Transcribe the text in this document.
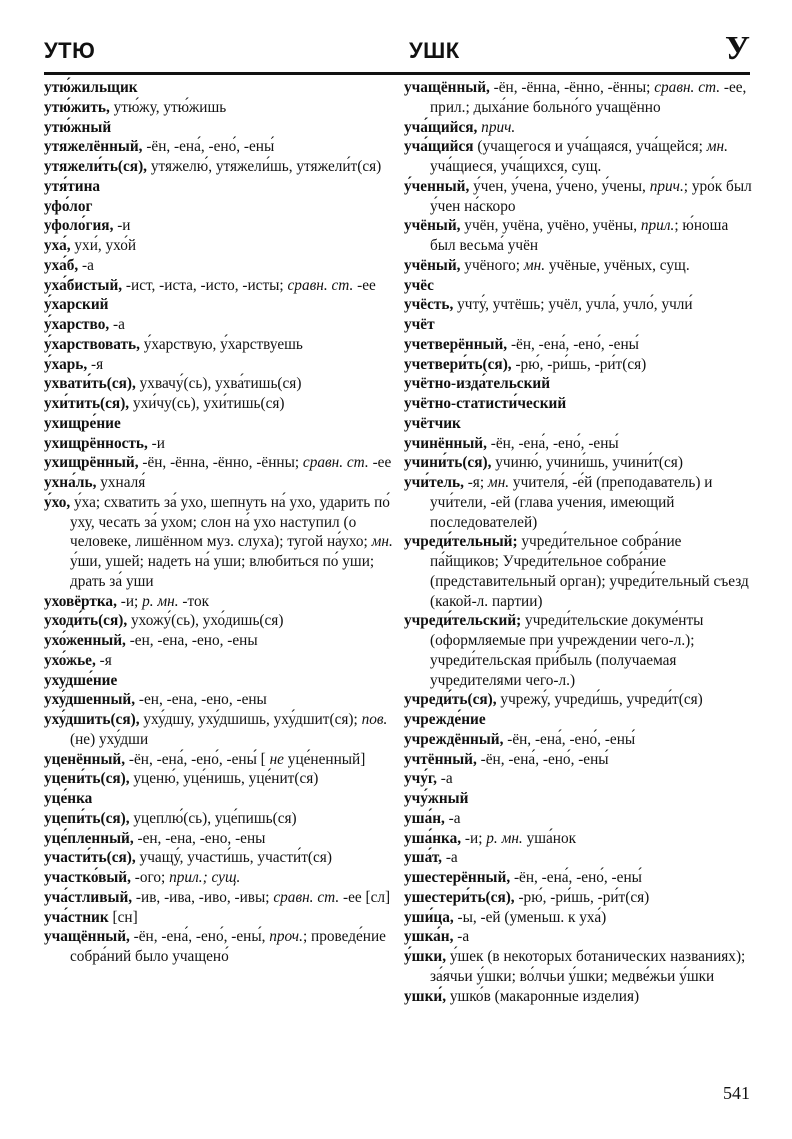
УТЮ	УШК	У

утю́жильщик

утю́жить, утю́жу, утю́жишь

утю́жный

утяжелённый, -ён, -ена́, -ено́, -ены́

утяжели́ть(ся), утяжелю́, утяжели́шь, утяжели́т(ся)

утя́тина

уфо́лог

уфоло́гия, -и

уха́, ухи́, ухо́й

уха́б, -а

уха́бистый, -ист, -иста, -исто, -исты; сравн. ст. -ее

у́харский

у́харство, -а

у́харствовать, у́харствую, у́харствуешь

у́харь, -я

ухвати́ть(ся), ухвачу́(сь), ухва́тишь(ся)

ухи́тить(ся), ухи́чу(сь), ухи́тишь(ся)

ухищре́ние

ухищрённость, -и

ухищрённый, -ён, -ённа, -ённо, -ённы; сравн. ст. -ее

ухна́ль, ухналя́

у́хо, у́ха; схватить за́ ухо, шепнуть на́ ухо, ударить по́ уху, чесать за́ ухом; слон на́ ухо наступил (о человеке, лишённом муз. слуха); тугой на́ухо; мн. у́ши, ушей; надеть на́ уши; влюбиться по́ уши; драть за́ уши

уховёртка, -и; р. мн. -ток

уходи́ть(ся), ухожу́(сь), ухо́дишь(ся)

ухо́женный, -ен, -ена, -ено, -ены

ухо́жье, -я

ухудше́ние

уху́дшенный, -ен, -ена, -ено, -ены

уху́дшить(ся), уху́дшу, уху́дшишь, уху́дшит(ся); пов. (не) уху́дши

уценённый, -ён, -ена́, -ено́, -ены́ [ не уце́ненный]

уцени́ть(ся), уценю́, уце́нишь, уце́нит(ся)

уце́нка

уцепи́ть(ся), уцеплю́(сь), уце́пишь(ся)

уце́пленный, -ен, -ена, -ено, -ены

участи́ть(ся), учащу́, участи́шь, участи́т(ся)

участко́вый, -ого; прил.; сущ.

уча́стливый, -ив, -ива, -иво, -ивы; сравн. ст. -ее [сл]

уча́стник [сн]

учащённый, -ён, -ена́, -ено́, -ены́, проч.; проведе́ние собра́ний было учащено́

учащённый, -ён, -ённа, -ённо, -ённы; сравн. ст. -ее, прил.; дыха́ние больно́го учащённо

уча́щийся, прич.

уча́щийся (учащегося и уча́щаяся, уча́щейся; мн. уча́щиеся, уча́щихся, сущ.

у́ченный, у́чен, у́чена, у́чено, у́чены, прич.; уро́к был у́чен на́скоро

учёный, учён, учёна, учёно, учёны, прил.; ю́ноша был весьма́ учён

учёный, учёного; мн. учёные, учёных, сущ.

учёс

учёсть, учту́, учтёшь; учёл, учла́, учло́, учли́

учёт

учетверённый, -ён, -ена́, -ено́, -ены́

учетвери́ть(ся), -рю́, -ри́шь, -ри́т(ся)

учётно-изда́тельский

учётно-статисти́ческий

учётчик

учинённый, -ён, -ена́, -ено́, -ены́

учини́ть(ся), учиню́, учини́шь, учини́т(ся)

учи́тель, -я; мн. учителя́, -е́й (преподаватель) и учи́тели, -ей (глава учения, имеющий последователей)

учреди́тельный; учреди́тельное собра́ние па́йщиков; Учреди́тельное собра́ние (представительный орган); учреди́тельный съезд (какой-л. партии)

учреди́тельский; учреди́тельские докуме́нты (оформляемые при учреждении чего-л.); учреди́тельская при́быль (получаемая учредителями чего-л.)

учреди́ть(ся), учрежу́, учреди́шь, учреди́т(ся)

учрежде́ние

учреждённый, -ён, -ена́, -ено́, -ены́

учтённый, -ён, -ена́, -ено́, -ены́

учу́г, -а

учу́жный

уша́н, -а

уша́нка, -и; р. мн. уша́нок

уша́т, -а

ушестерённый, -ён, -ена́, -ено́, -ены́

ушестери́ть(ся), -рю́, -ри́шь, -ри́т(ся)

уши́ца, -ы, -ей (уменьш. к уха́)

ушка́н, -а

у́шки, у́шек (в некоторых ботанических названиях); за́ячьи у́шки; во́лчьи у́шки; медве́жьи у́шки

ушки́, ушко́в (макаронные изделия)

541
